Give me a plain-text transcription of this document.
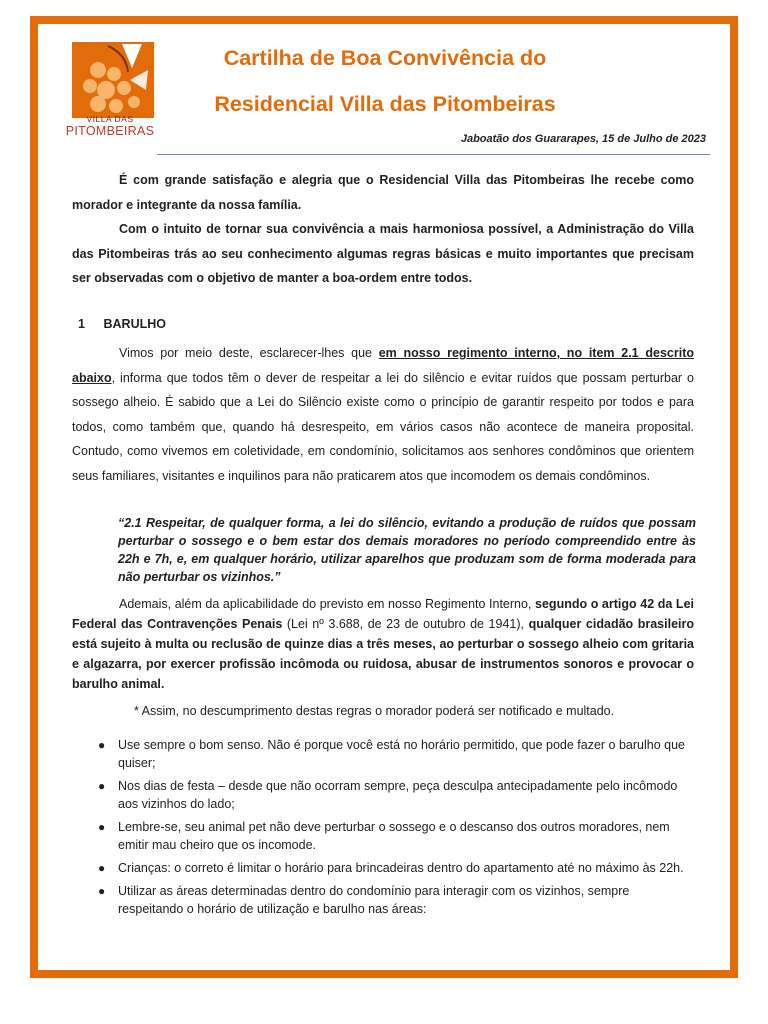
VILLA DAS
PITOMBEIRAS
Cartilha de Boa Convivência do
Residencial Villa das Pitombeiras
Jaboatão dos Guararapes, 15 de Julho de 2023

É com grande satisfação e alegria que o Residencial Villa das Pitombeiras lhe recebe como morador e integrante da nossa família.

Com o intuito de tornar sua convivência a mais harmoniosa possível, a Administração do Villa das Pitombeiras trás ao seu conhecimento algumas regras básicas e muito importantes que precisam ser observadas com o objetivo de manter a boa-ordem entre todos.

1 BARULHO

Vimos por meio deste, esclarecer-lhes que em nosso regimento interno, no item 2.1 descrito abaixo, informa que todos têm o dever de respeitar a lei do silêncio e evitar ruídos que possam perturbar o sossego alheio. É sabido que a Lei do Silêncio existe como o princípio de garantir respeito por todos e para todos, como também que, quando há desrespeito, em vários casos não acontece de maneira proposital. Contudo, como vivemos em coletividade, em condomínio, solicitamos aos senhores condôminos que orientem seus familiares, visitantes e inquilinos para não praticarem atos que incomodem os demais condôminos.

“2.1 Respeitar, de qualquer forma, a lei do silêncio, evitando a produção de ruídos que possam perturbar o sossego e o bem estar dos demais moradores no período compreendido entre às 22h e 7h, e, em qualquer horário, utilizar aparelhos que produzam som de forma moderada para não perturbar os vizinhos.”

Ademais, além da aplicabilidade do previsto em nosso Regimento Interno, segundo o artigo 42 da Lei Federal das Contravenções Penais (Lei nº 3.688, de 23 de outubro de 1941), qualquer cidadão brasileiro está sujeito à multa ou reclusão de quinze dias a três meses, ao perturbar o sossego alheio com gritaria e algazarra, por exercer profissão incômoda ou ruidosa, abusar de instrumentos sonoros e provocar o barulho animal.

* Assim, no descumprimento destas regras o morador poderá ser notificado e multado.
● Use sempre o bom senso. Não é porque você está no horário permitido, que pode fazer o barulho que quiser;
● Nos dias de festa – desde que não ocorram sempre, peça desculpa antecipadamente pelo incômodo aos vizinhos do lado;
● Lembre-se, seu animal pet não deve perturbar o sossego e o descanso dos outros moradores, nem emitir mau cheiro que os incomode.
● Crianças: o correto é limitar o horário para brincadeiras dentro do apartamento até no máximo às 22h.
● Utilizar as áreas determinadas dentro do condomínio para interagir com os vizinhos, sempre respeitando o horário de utilização e barulho nas áreas:
